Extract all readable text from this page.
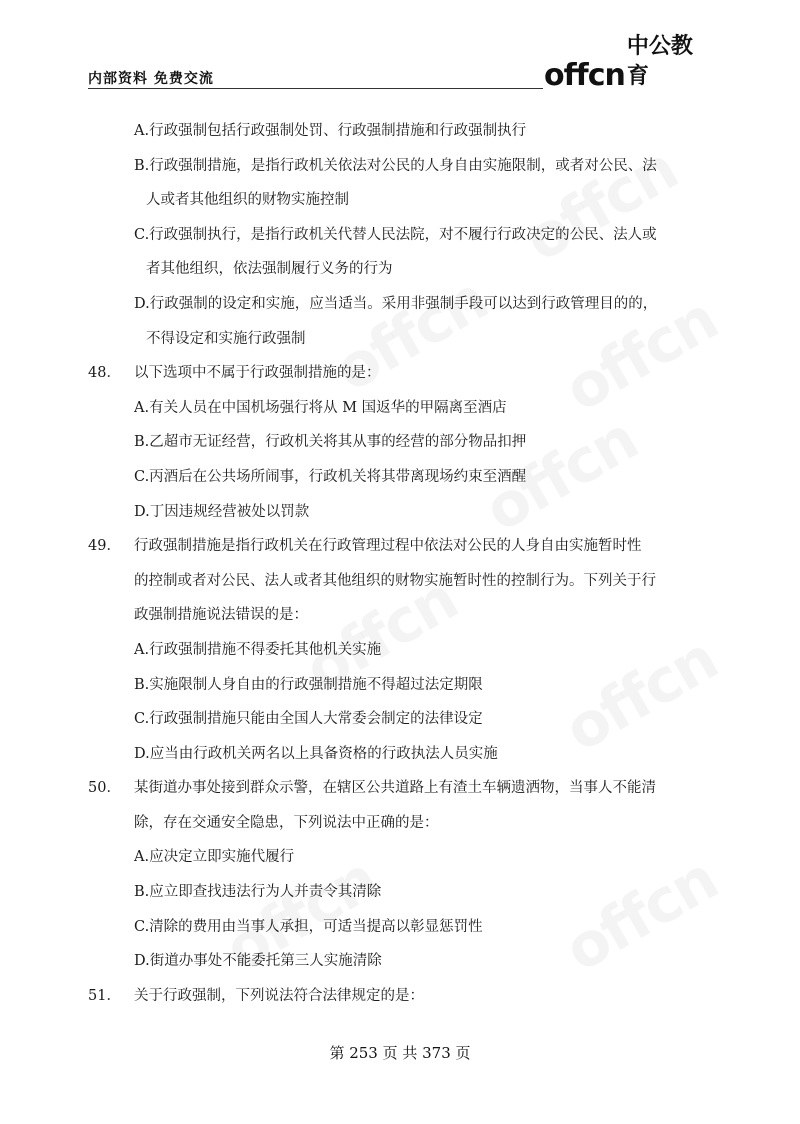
内部资料 免费交流	offcn
中公教育
A.行政强制包括行政强制处罚、行政强制措施和行政强制执行
B.行政强制措施，是指行政机关依法对公民的人身自由实施限制，或者对公民、法
人或者其他组织的财物实施控制
C.行政强制执行，是指行政机关代替人民法院，对不履行行政决定的公民、法人或
者其他组织，依法强制履行义务的行为
D.行政强制的设定和实施，应当适当。采用非强制手段可以达到行政管理目的的，
不得设定和实施行政强制
48． 以下选项中不属于行政强制措施的是：
A.有关人员在中国机场强行将从 M 国返华的甲隔离至酒店
B.乙超市无证经营，行政机关将其从事的经营的部分物品扣押
C.丙酒后在公共场所闹事，行政机关将其带离现场约束至酒醒
D.丁因违规经营被处以罚款
49． 行政强制措施是指行政机关在行政管理过程中依法对公民的人身自由实施暂时性
的控制或者对公民、法人或者其他组织的财物实施暂时性的控制行为。下列关于行
政强制措施说法错误的是：
A.行政强制措施不得委托其他机关实施
B.实施限制人身自由的行政强制措施不得超过法定期限
C.行政强制措施只能由全国人大常委会制定的法律设定
D.应当由行政机关两名以上具备资格的行政执法人员实施
50． 某街道办事处接到群众示警，在辖区公共道路上有渣土车辆遗洒物，当事人不能清
除，存在交通安全隐患，下列说法中正确的是：
A.应决定立即实施代履行
B.应立即查找违法行为人并责令其清除
C.清除的费用由当事人承担，可适当提高以彰显惩罚性
D.街道办事处不能委托第三人实施清除
51． 关于行政强制，下列说法符合法律规定的是：
第 253 页 共 373 页
